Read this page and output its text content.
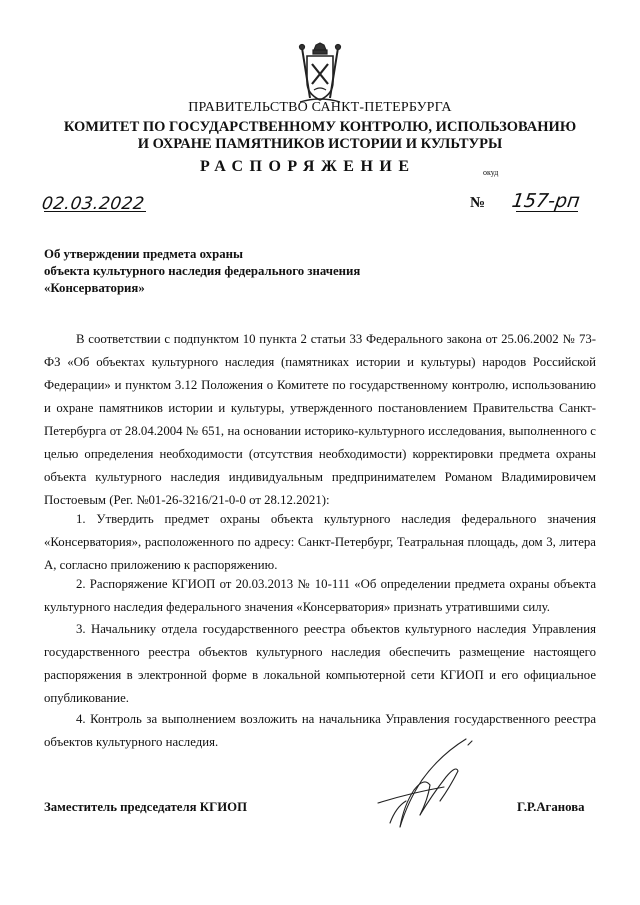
ПРАВИТЕЛЬСТВО САНКТ-ПЕТЕРБУРГА
КОМИТЕТ ПО ГОСУДАРСТВЕННОМУ КОНТРОЛЮ, ИСПОЛЬЗОВАНИЮ
И ОХРАНЕ ПАМЯТНИКОВ ИСТОРИИ И КУЛЬТУРЫ
РАСПОРЯЖЕНИЕ	окуд
02.03.2022	№ 157-рп
Об утверждении предмета охраны
объекта культурного наследия федерального значения
«Консерватория»

В соответствии с подпунктом 10 пункта 2 статьи 33 Федерального закона от 25.06.2002 № 73-ФЗ «Об объектах культурного наследия (памятниках истории и культуры) народов Российской Федерации» и пунктом 3.12 Положения о Комитете по государственному контролю, использованию и охране памятников истории и культуры, утвержденного постановлением Правительства Санкт-Петербурга от 28.04.2004 № 651, на основании историко-культурного исследования, выполненного с целью определения необходимости (отсутствия необходимости) корректировки предмета охраны объекта культурного наследия индивидуальным предпринимателем Романом Владимировичем Постоевым (Рег. №01-26-3216/21-0-0 от 28.12.2021):

1. Утвердить предмет охраны объекта культурного наследия федерального значения «Консерватория», расположенного по адресу: Санкт-Петербург, Театральная площадь, дом 3, литера А, согласно приложению к распоряжению.

2. Распоряжение КГИОП от 20.03.2013 № 10-111 «Об определении предмета охраны объекта культурного наследия федерального значения «Консерватория» признать утратившими силу.

3. Начальнику отдела государственного реестра объектов культурного наследия Управления государственного реестра объектов культурного наследия обеспечить размещение настоящего распоряжения в электронной форме в локальной компьютерной сети КГИОП и его официальное опубликование.

4. Контроль за выполнением возложить на начальника Управления государственного реестра объектов культурного наследия.

Заместитель председателя КГИОП	Г.Р.Аганова
